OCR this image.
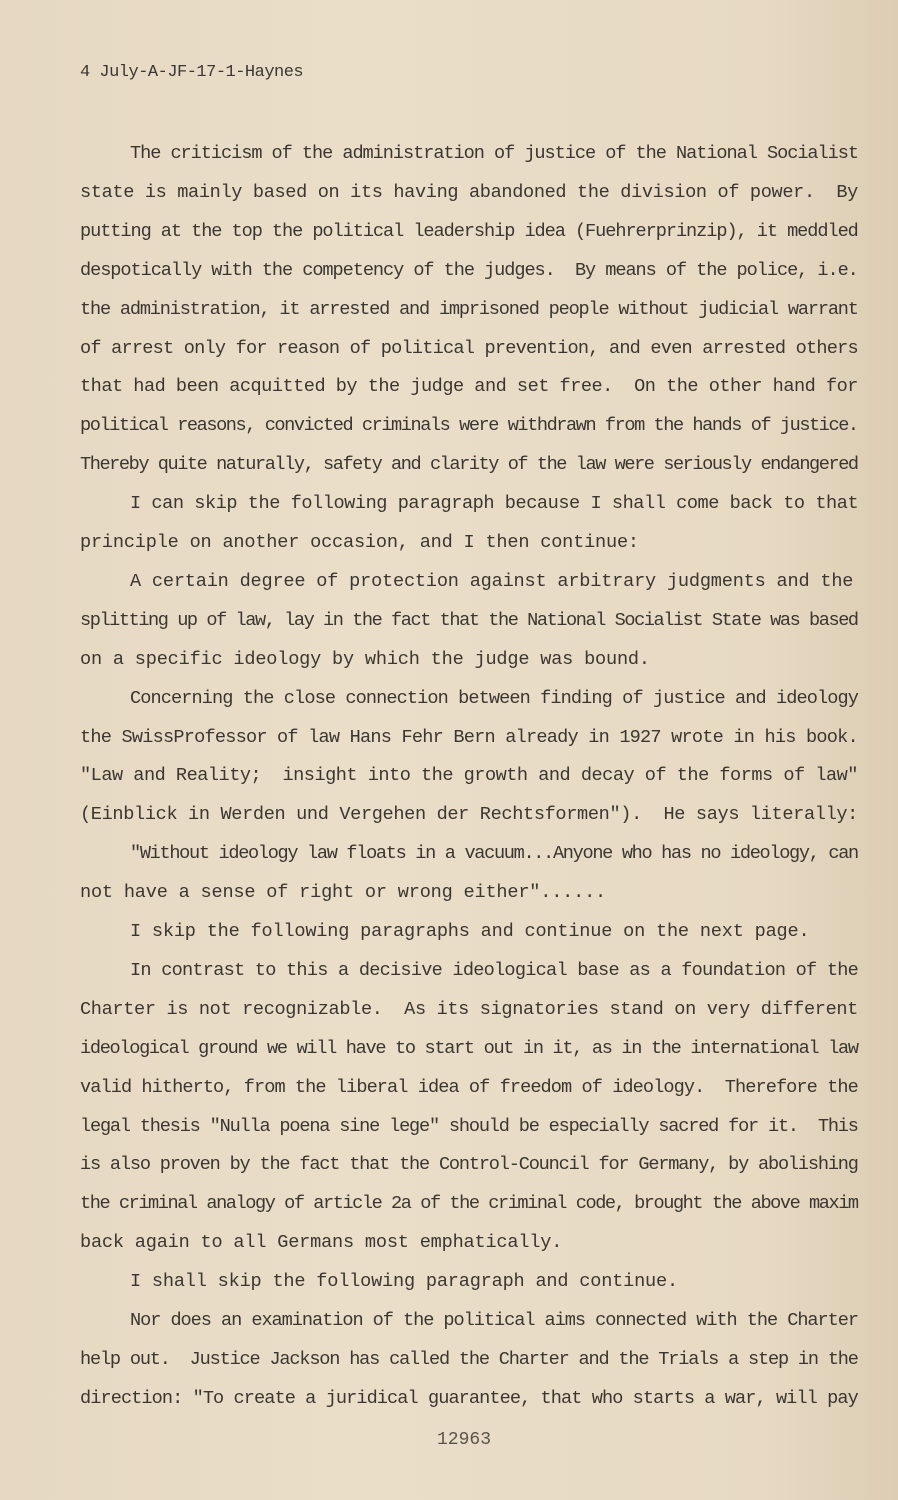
4 July-A-JF-17-1-Haynes
The criticism of the administration of justice of the National Socialist
state is mainly based on its having abandoned the division of power.  By
putting at the top the political leadership idea (Fuehrerprinzip), it meddled
despotically with the competency of the judges.  By means of the police, i.e.
the administration, it arrested and imprisoned people without judicial warrant
of arrest only for reason of political prevention, and even arrested others
that had been acquitted by the judge and set free.  On the other hand for
political reasons, convicted criminals were withdrawn from the hands of justice.
Thereby quite naturally, safety and clarity of the law were seriously endangered
I can skip the following paragraph because I shall come back to that
principle on another occasion, and I then continue:
A certain degree of protection against arbitrary judgments and the
splitting up of law, lay in the fact that the National Socialist State was based
on a specific ideology by which the judge was bound.
Concerning the close connection between finding of justice and ideology
the SwissProfessor of law Hans Fehr Bern already in 1927 wrote in his book.
"Law and Reality;  insight into the growth and decay of the forms of law"
(Einblick in Werden und Vergehen der Rechtsformen").  He says literally:
"Without ideology law floats in a vacuum...Anyone who has no ideology, can
not have a sense of right or wrong either"......
I skip the following paragraphs and continue on the next page.
In contrast to this a decisive ideological base as a foundation of the
Charter is not recognizable.  As its signatories stand on very different
ideological ground we will have to start out in it, as in the international law
valid hitherto, from the liberal idea of freedom of ideology.  Therefore the
legal thesis "Nulla poena sine lege" should be especially sacred for it.  This
is also proven by the fact that the Control-Council for Germany, by abolishing
the criminal analogy of article 2a of the criminal code, brought the above maxim
back again to all Germans most emphatically.
I shall skip the following paragraph and continue.
Nor does an examination of the political aims connected with the Charter
help out.  Justice Jackson has called the Charter and the Trials a step in the
direction: "To create a juridical guarantee, that who starts a war, will pay
12963
